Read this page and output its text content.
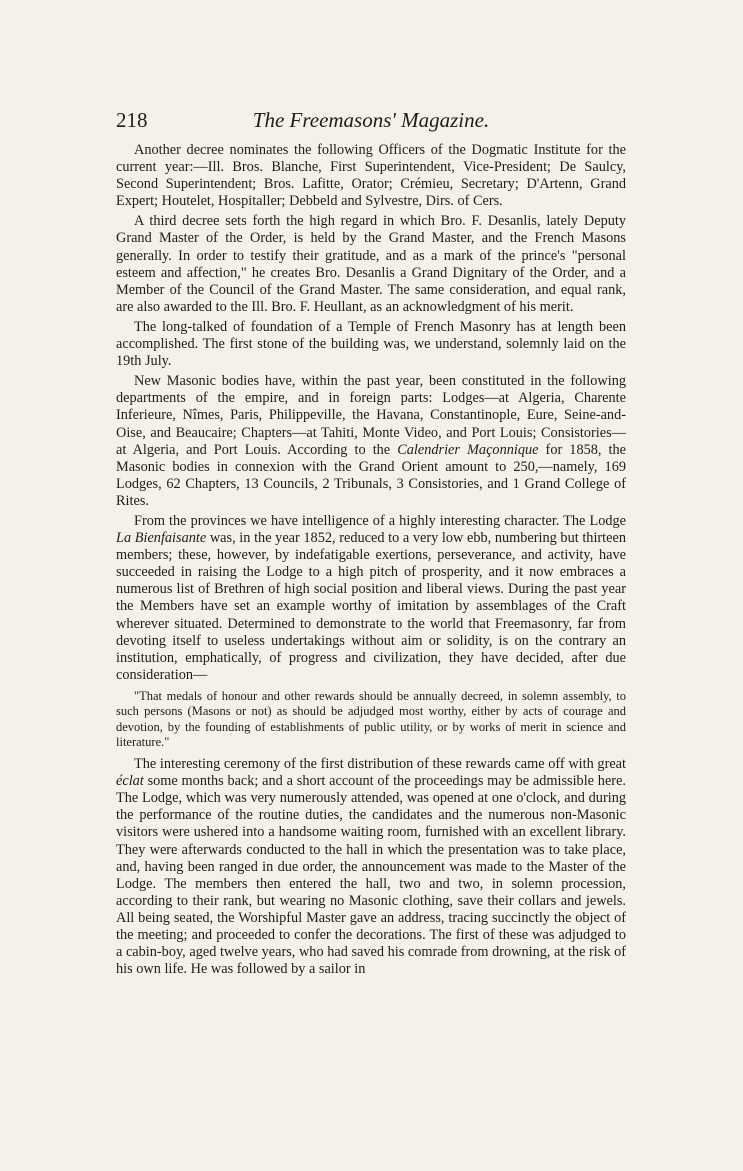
218	The Freemasons' Magazine.

Another decree nominates the following Officers of the Dogmatic Institute for the current year:—Ill. Bros. Blanche, First Superintendent, Vice-President; De Saulcy, Second Superintendent; Bros. Lafitte, Orator; Crémieu, Secretary; D'Artenn, Grand Expert; Houtelet, Hospitaller; Debbeld and Sylvestre, Dirs. of Cers.

A third decree sets forth the high regard in which Bro. F. Desanlis, lately Deputy Grand Master of the Order, is held by the Grand Master, and the French Masons generally. In order to testify their gratitude, and as a mark of the prince's "personal esteem and affection," he creates Bro. Desanlis a Grand Dignitary of the Order, and a Member of the Council of the Grand Master. The same consideration, and equal rank, are also awarded to the Ill. Bro. F. Heullant, as an acknowledgment of his merit.

The long-talked of foundation of a Temple of French Masonry has at length been accomplished. The first stone of the building was, we understand, solemnly laid on the 19th July.

New Masonic bodies have, within the past year, been constituted in the following departments of the empire, and in foreign parts: Lodges—at Algeria, Charente Inferieure, Nîmes, Paris, Philippeville, the Havana, Constantinople, Eure, Seine-and-Oise, and Beaucaire; Chapters—at Tahiti, Monte Video, and Port Louis; Consistories—at Algeria, and Port Louis. According to the Calendrier Maçonnique for 1858, the Masonic bodies in connexion with the Grand Orient amount to 250,—namely, 169 Lodges, 62 Chapters, 13 Councils, 2 Tribunals, 3 Consistories, and 1 Grand College of Rites.

From the provinces we have intelligence of a highly interesting character. The Lodge La Bienfaisante was, in the year 1852, reduced to a very low ebb, numbering but thirteen members; these, however, by indefatigable exertions, perseverance, and activity, have succeeded in raising the Lodge to a high pitch of prosperity, and it now embraces a numerous list of Brethren of high social position and liberal views. During the past year the Members have set an example worthy of imitation by assemblages of the Craft wherever situated. Determined to demonstrate to the world that Freemasonry, far from devoting itself to useless undertakings without aim or solidity, is on the contrary an institution, emphatically, of progress and civilization, they have decided, after due consideration—

"That medals of honour and other rewards should be annually decreed, in solemn assembly, to such persons (Masons or not) as should be adjudged most worthy, either by acts of courage and devotion, by the founding of establishments of public utility, or by works of merit in science and literature."

The interesting ceremony of the first distribution of these rewards came off with great éclat some months back; and a short account of the proceedings may be admissible here. The Lodge, which was very numerously attended, was opened at one o'clock, and during the performance of the routine duties, the candidates and the numerous non-Masonic visitors were ushered into a handsome waiting room, furnished with an excellent library. They were afterwards conducted to the hall in which the presentation was to take place, and, having been ranged in due order, the announcement was made to the Master of the Lodge. The members then entered the hall, two and two, in solemn procession, according to their rank, but wearing no Masonic clothing, save their collars and jewels. All being seated, the Worshipful Master gave an address, tracing succinctly the object of the meeting; and proceeded to confer the decorations. The first of these was adjudged to a cabin-boy, aged twelve years, who had saved his comrade from drowning, at the risk of his own life. He was followed by a sailor in
